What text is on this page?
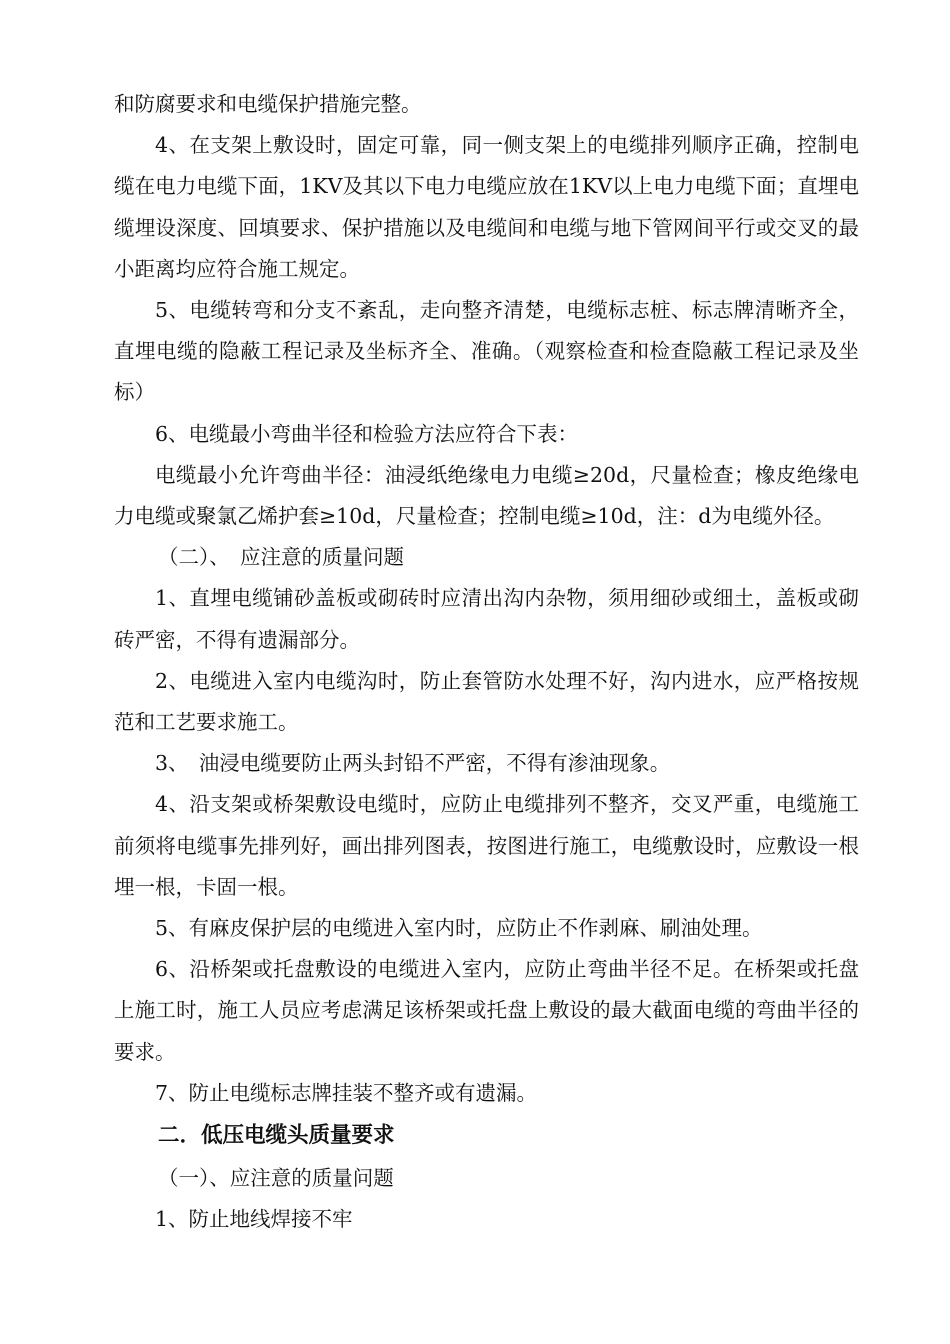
和防腐要求和电缆保护措施完整。

4、在支架上敷设时，固定可靠，同一侧支架上的电缆排列顺序正确，控制电缆在电力电缆下面，1KV及其以下电力电缆应放在1KV以上电力电缆下面；直埋电缆埋设深度、回填要求、保护措施以及电缆间和电缆与地下管网间平行或交叉的最小距离均应符合施工规定。

5、电缆转弯和分支不紊乱，走向整齐清楚，电缆标志桩、标志牌清晰齐全，直埋电缆的隐蔽工程记录及坐标齐全、准确。（观察检查和检查隐蔽工程记录及坐标）

6、电缆最小弯曲半径和检验方法应符合下表：

电缆最小允许弯曲半径：油浸纸绝缘电力电缆≥20d，尺量检查；橡皮绝缘电力电缆或聚氯乙烯护套≥10d，尺量检查；控制电缆≥10d，注：d为电缆外径。

（二）、　应注意的质量问题

1、直埋电缆铺砂盖板或砌砖时应清出沟内杂物，须用细砂或细土，盖板或砌砖严密，不得有遗漏部分。

2、电缆进入室内电缆沟时，防止套管防水处理不好，沟内进水，应严格按规范和工艺要求施工。

3、　油浸电缆要防止两头封铅不严密，不得有渗油现象。

4、沿支架或桥架敷设电缆时，应防止电缆排列不整齐，交叉严重，电缆施工前须将电缆事先排列好，画出排列图表，按图进行施工，电缆敷设时，应敷设一根埋一根，卡固一根。

5、有麻皮保护层的电缆进入室内时，应防止不作剥麻、刷油处理。

6、沿桥架或托盘敷设的电缆进入室内，应防止弯曲半径不足。在桥架或托盘上施工时，施工人员应考虑满足该桥架或托盘上敷设的最大截面电缆的弯曲半径的要求。

7、防止电缆标志牌挂装不整齐或有遗漏。

二．低压电缆头质量要求

（一）、应注意的质量问题

1、防止地线焊接不牢
